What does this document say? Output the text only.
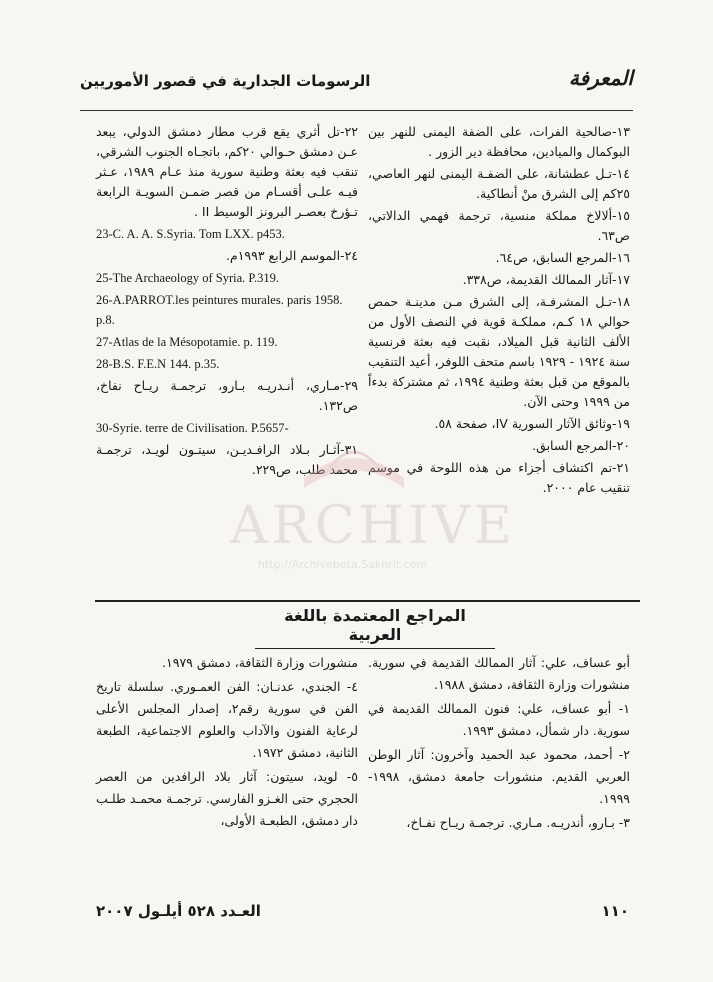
الرسومات الجدارية في قصور الأموريين	المعرفة
١٣-صالحية الفرات، على الضفة اليمنى للنهر بين البوكمال والميادين، محافظة دير الزور .
١٤-تـل عطشانة، على الضفـة اليمنى لنهر العاصي، ٢٥كم إلى الشرق منْ أنطاكية.
١٥-ألالاخ مملكة منسية، ترجمة فهمي الدالاتي، ص٦٣.
١٦-المرجع السابق، ص٦٤.
١٧-آثار الممالك القديمة، ص٣٣٨.
١٨-تـل المشرفـة، إلى الشرق مـن مدينـة حمص حوالي ١٨ كـم، مملكـة قوية في النصف الأول من الألف الثانية قبل الميلاد، نقبت فيه بعثة فرنسية سنة ١٩٢٤ - ١٩٢٩ باسم متحف اللوفر، أعيد التنقيب بالموقع من قبل بعثة وطنية ١٩٩٤، ثم مشتركة بدءاً من ١٩٩٩ وحتى الآن.
١٩-وثائق الآثار السورية IV، صفحة ٥٨.
٢٠-المرجع السابق.
٢١-تم اكتشاف أجزاء من هذه اللوحة في موسم تنقيب عام ٢٠٠٠.
٢٢-تل أثري يقع قرب مطار دمشق الدولي، يبعد عـن دمشق حـوالي ٢٠كم، باتجـاه الجنوب الشرقي، تنقب فيه بعثة وطنية سورية منذ عـام ١٩٨٩، عـثر فيـه علـى أقسـام من قصر ضمـن السويـة الرابعة تـؤرخ بعصـر البرونز الوسيط II .
23-C. A. A. S.Syria. Tom LXX. p453.
٢٤-الموسم الرابع ١٩٩٣م.
25-The Archaeology of Syria. P.319.
26-A.PARROT.les peintures murales. paris 1958. p.8.
27-Atlas de la Mésopotamie. p. 119.
28-B.S. F.E.N 144. p.35.
٢٩-مـاري، أنـدريـه بـارو، ترجمـة ريـاح نفاخ، ص١٣٢.
30-Syrie. terre de Civilisation. P.5657-
٣١-آثـار بـلاد الرافـديـن، سيتـون لويـد، ترجمـة محمد طلب، ص٢٢٩.
ARCHIVE
http://Archivebeta.Sakhrit.com
المراجع المعتمدة باللغة العربية
أبو عساف، علي: آثار الممالك القديمة في سورية. منشورات وزارة الثقافة، دمشق ١٩٨٨.
١- أبو عساف، علي: فنون الممالك القديمة في سورية. دار شمأل، دمشق ١٩٩٣.
٢- أحمد، محمود عبد الحميد وآخرون: آثار الوطن العربي القديم. منشورات جامعة دمشق، ١٩٩٨- ١٩٩٩.
٣- بـارو، أندريـه. مـاري. ترجمـة ريـاح نفـاخ،
منشورات وزارة الثقافة، دمشق ١٩٧٩.
٤- الجندي، عدنـان: الفن العمـوري. سلسلة تاريخ الفن في سورية رقم٢، إصدار المجلس الأعلى لرعاية الفنون والآداب والعلوم الاجتماعية، الطبعة الثانية، دمشق ١٩٧٢.
٥- لويد، سيتون: آثار بلاد الرافدين من العصر الحجري حتى الغـزو الفارسي. ترجمـة محمـد طلـب دار دمشق، الطبعـة الأولى،
العـدد ٥٢٨ أيلـول ٢٠٠٧	١١٠
